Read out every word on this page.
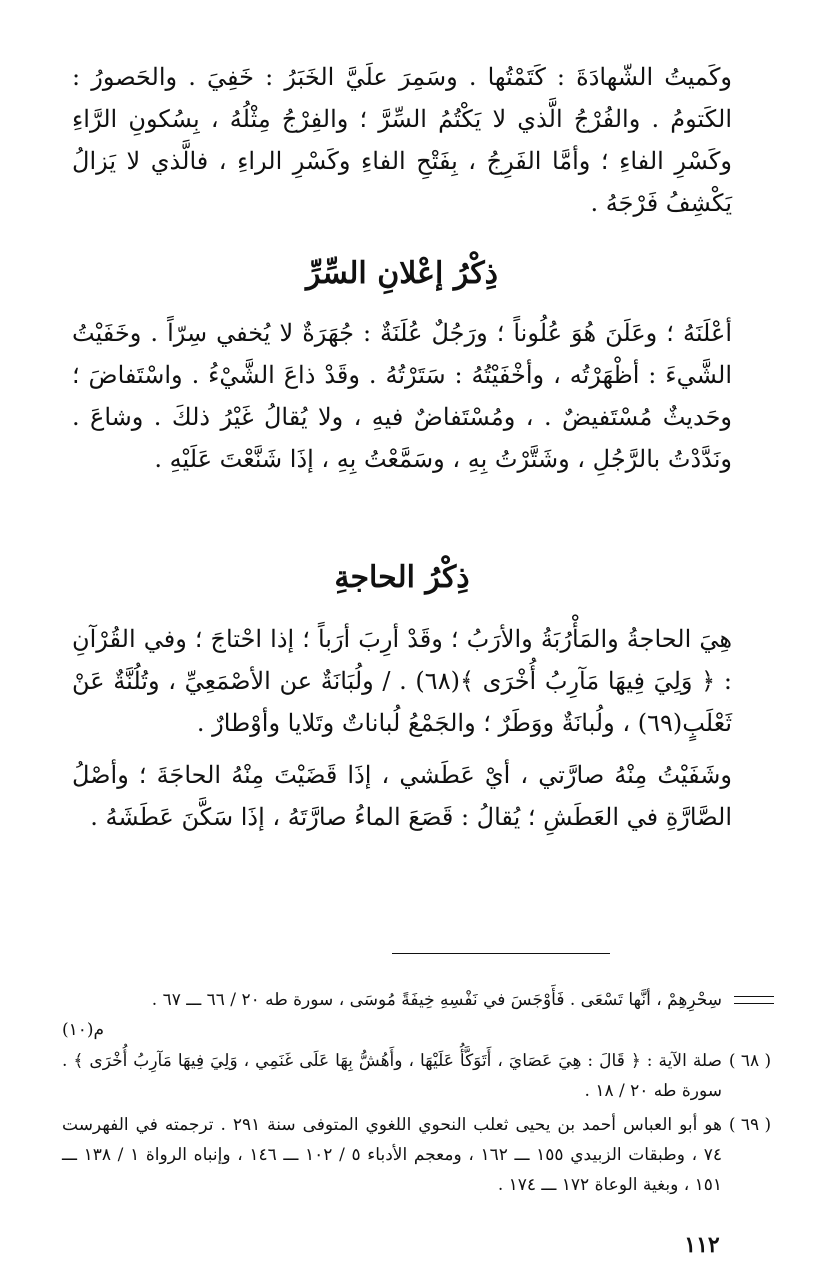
وكَميتُ الشّهادَةَ : كَتَمْتُها . وسَمِرَ علَيَّ الخَبَرُ : خَفِيَ . والحَصورُ : الكَتومُ . والفُرْجُ الَّذي لا يَكْتُمُ السِّرَّ ؛ والفِرْجُ مِثْلُهُ ، بِسُكونِ الرَّاءِ وكَسْرِ الفاءِ ؛ وأمَّا الفَرِجُ ، بِفَتْحِ الفاءِ وكَسْرِ الراءِ ، فالَّذي لا يَزالُ يَكْشِفُ فَرْجَهُ .

ذِكْرُ إعْلانِ السِّرِّ

أعْلَنَهُ ؛ وعَلَنَ هُوَ عُلُوناً ؛ ورَجُلٌ عُلَنَةٌ : جُهَرَةٌ لا يُخفي سِرّاً . وخَفَيْتُ الشَّيءَ : أظْهَرْتُه ، وأخْفَيْتُهُ : سَتَرْتُهُ . وقَدْ ذاعَ الشَّيْءُ . واسْتَفاضَ ؛ وحَديثٌ مُسْتَفيضٌ . ، ومُسْتَفاضٌ فيهِ ، ولا يُقالُ غَيْرُ ذلكَ . وشاعَ . ونَدَّدْتُ بالرَّجُلِ ، وشَتَّرْتُ بِهِ ، وسَمَّعْتُ بِهِ ، إذَا شَنَّعْتَ عَلَيْهِ .

ذِكْرُ الحاجةِ

هِيَ الحاجةُ والمَأْرُبَةُ والأرَبُ ؛ وقَدْ أرِبَ أرَباً ؛ إذا احْتاجَ ؛ وفي القُرْآنِ : ﴿ وَلِيَ فِيهَا مَآرِبُ أُخْرَى ﴾(٦٨) . / ولُبَانَةٌ عن الأصْمَعِيِّ ، وتُلُنَّةٌ عَنْ ثَعْلَبٍ(٦٩) ، ولُبانَةٌ ووَطَرٌ ؛ والجَمْعُ لُباناتٌ وتَلايا وأوْطارٌ .

وشَفَيْتُ مِنْهُ صارَّتي ، أيْ عَطَشي ، إذَا قَضَيْتَ مِنْهُ الحاجَةَ ؛ وأصْلُ الصَّارَّةِ في العَطَشِ ؛ يُقالُ : قَصَعَ الماءُ صارَّتَهُ ، إذَا سَكَّنَ عَطَشَهُ .

سِحْرِهِمْ ، أنَّها تَسْعَى . فَأَوْجَسَ في نَفْسِهِ خِيفَةً مُوسَى ، سورة طه ٢٠ / ٦٦ ـــ ٦٧ .
م(١٠)
( ٦٨ )
صلة الآية : ﴿ قَالَ : هِيَ عَصَايَ ، أَتَوَكَّأُ عَلَيْهَا ، وأَهُشُّ بِهَا عَلَى غَنَمِي ، وَلِيَ فِيهَا مَآرِبُ أُخْرَى ﴾ . سورة طه ٢٠ / ١٨ .
( ٦٩ )
هو أبو العباس أحمد بن يحيى ثعلب النحوي اللغوي المتوفى سنة ٢٩١ . ترجمته في الفهرست ٧٤ ، وطبقات الزبيدي ١٥٥ ـــ ١٦٢ ، ومعجم الأدباء ٥ / ١٠٢ ـــ ١٤٦ ، وإنباه الرواة ١ / ١٣٨ ـــ ١٥١ ، وبغية الوعاة ١٧٢ ـــ ١٧٤ .
١١٢
